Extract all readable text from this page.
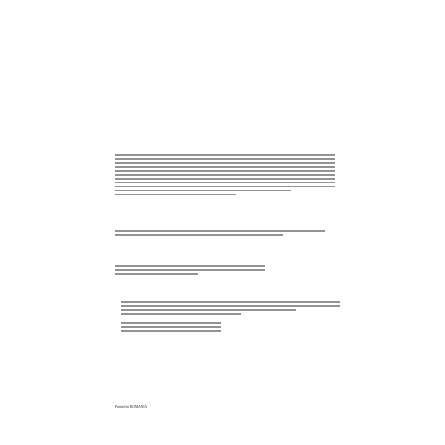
Printed in ROMANIA
